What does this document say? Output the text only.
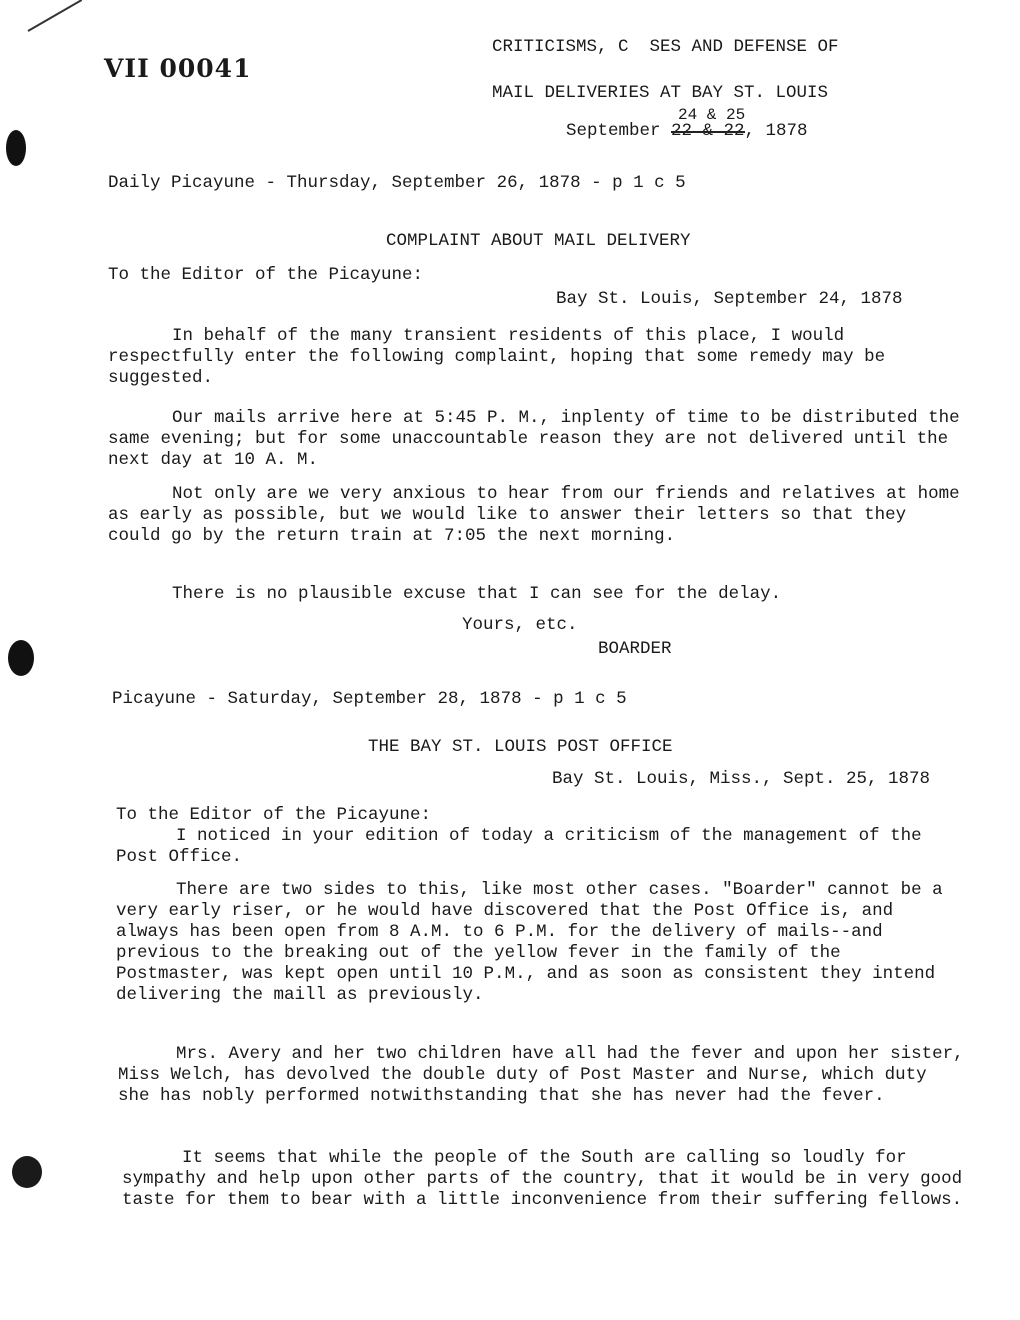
VII 00041
CRITICISMS, C  SES AND DEFENSE OF
MAIL DELIVERIES AT BAY ST. LOUIS
24 & 25
September 22 & 22, 1878
Daily Picayune - Thursday, September 26, 1878 - p 1 c 5
COMPLAINT ABOUT MAIL DELIVERY
To the Editor of the Picayune:
Bay St. Louis, September 24, 1878

In behalf of the many transient residents of this place, I would respectfully enter the following complaint, hoping that some remedy may be suggested.

Our mails arrive here at 5:45 P. M., inplenty of time to be distributed the same evening; but for some unaccountable reason they are not delivered until the next day at 10 A. M.

Not only are we very anxious to hear from our friends and relatives at home as early as possible, but we would like to answer their letters so that they could go by the return train at 7:05 the next morning.

There is no plausible excuse that I can see for the delay.

Yours, etc.
BOARDER
Picayune - Saturday, September 28, 1878 - p 1 c 5
THE BAY ST. LOUIS POST OFFICE
Bay St. Louis, Miss., Sept. 25, 1878
To the Editor of the Picayune:

I noticed in your edition of today a criticism of the management of the Post Office.

There are two sides to this, like most other cases. "Boarder" cannot be a very early riser, or he would have discovered that the Post Office is, and always has been open from 8 A.M. to 6 P.M. for the delivery of mails--and previous to the breaking out of the yellow fever in the family of the Postmaster, was kept open until 10 P.M., and as soon as consistent they intend delivering the maill as previously.

Mrs. Avery and her two children have all had the fever and upon her sister, Miss Welch, has devolved the double duty of Post Master and Nurse, which duty she has nobly performed notwithstanding that she has never had the fever.

It seems that while the people of the South are calling so loudly for sympathy and help upon other parts of the country, that it would be in very good taste for them to bear with a little inconvenience from their suffering fellows.
